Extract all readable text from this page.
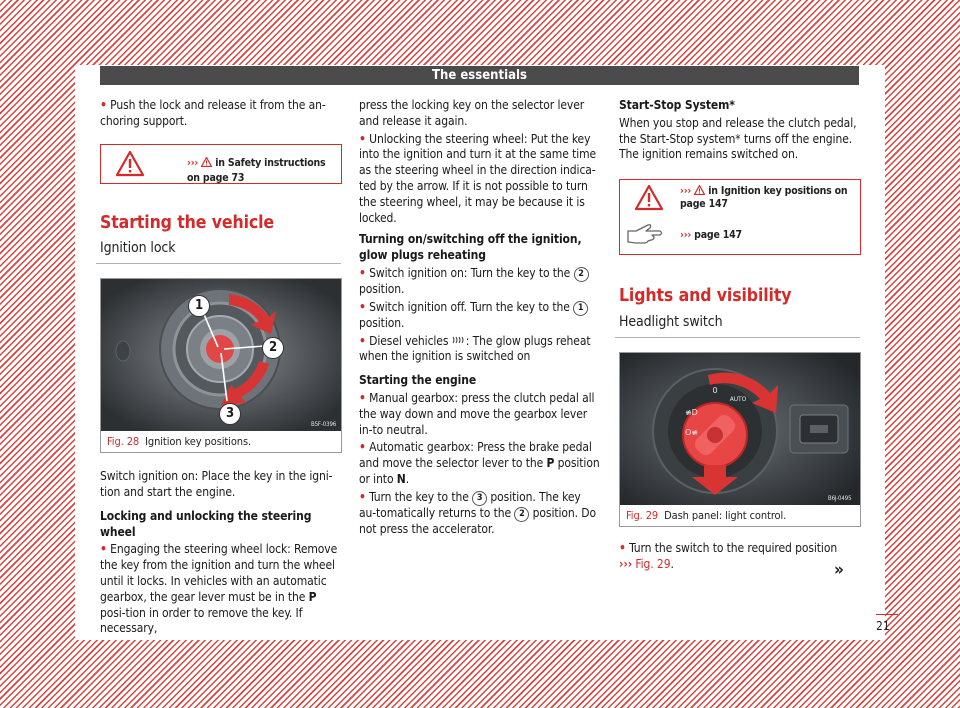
The essentials

• Push the lock and release it from the an-choring support.

›››  in Safety instructions on page 73
Starting the vehicle
Ignition lock
B5F-0396
1
2
3
Fig. 28 Ignition key positions.

Switch ignition on: Place the key in the igni-tion and start the engine.

Locking and unlocking the steering wheel

• Engaging the steering wheel lock: Remove the key from the ignition and turn the wheel until it locks. In vehicles with an automatic gearbox, the gear lever must be in the P posi-tion in order to remove the key. If necessary,

press the locking key on the selector lever and release it again.

• Unlocking the steering wheel: Put the key into the ignition and turn it at the same time as the steering wheel in the direction indica-ted by the arrow. If it is not possible to turn the steering wheel, it may be because it is locked.

Turning on/switching off the ignition, glow plugs reheating

• Switch ignition on: Turn the key to the 2
position.

• Switch ignition off. Turn the key to the 1
position.

• Diesel vehicles : The glow plugs reheat when the ignition is switched on

Starting the engine

• Manual gearbox: press the clutch pedal all the way down and move the gearbox lever in-to neutral.

• Automatic gearbox: Press the brake pedal and move the selector lever to the P position or into N.

• Turn the key to the 3 position. The key au-tomatically returns to the 2 position. Do not press the accelerator.

Start-Stop System*

When you stop and release the clutch pedal, the Start-Stop system* turns off the engine. The ignition remains switched on.

›››  in Ignition key positions on page 147
››› page 147
Lights and visibility
Headlight switch
0
AUTO
≢D
O≢
B6J-0495
Fig. 29 Dash panel: light control.

• Turn the switch to the required position
››› Fig. 29.	»
21
